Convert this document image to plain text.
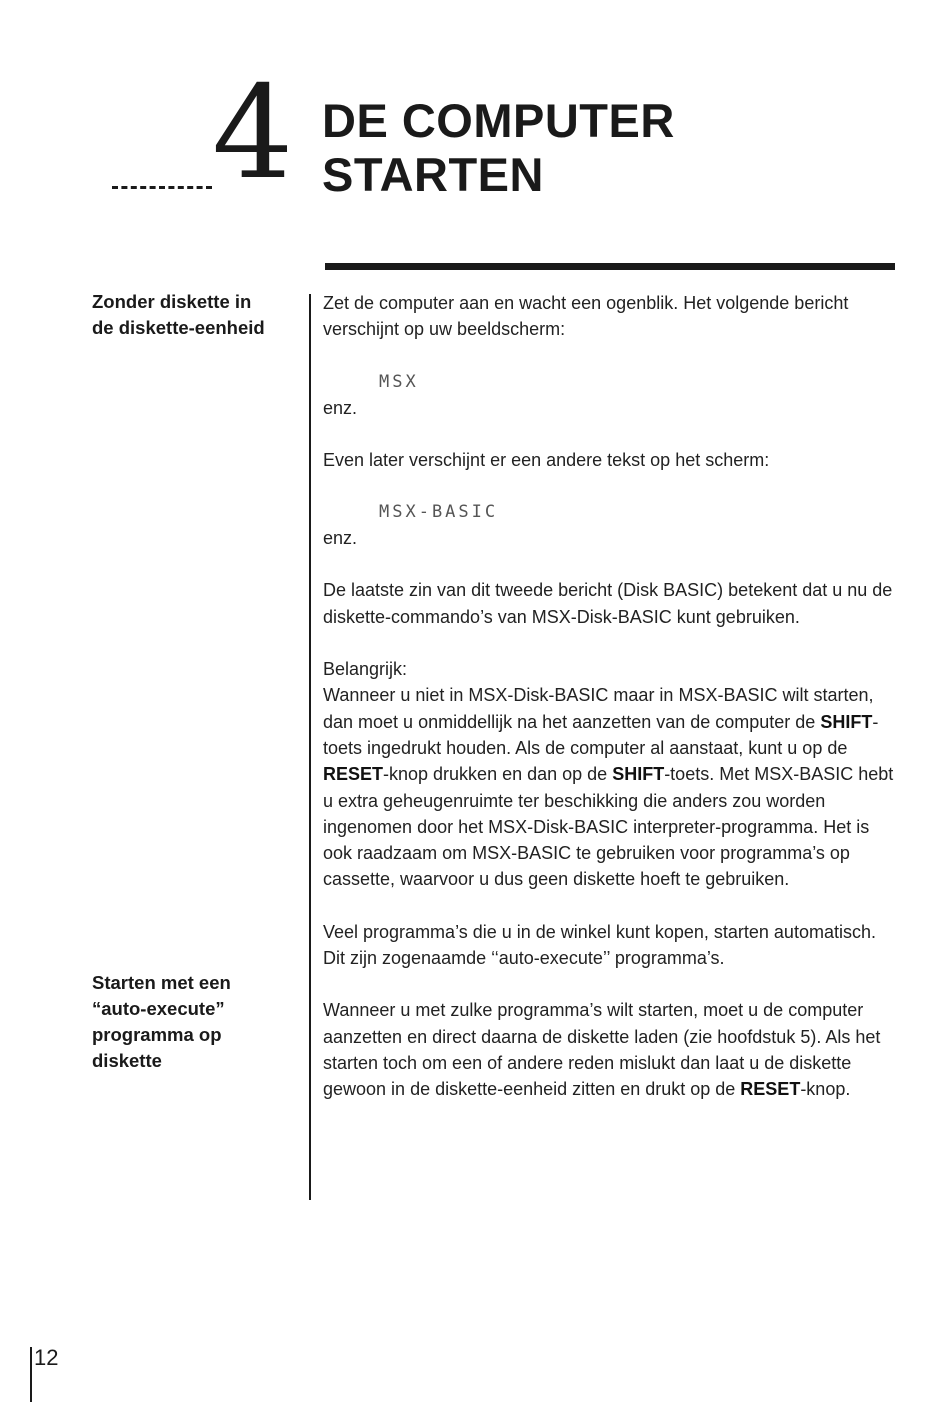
4 DE COMPUTER
STARTEN
Zonder diskette in
de diskette-eenheid
Starten met een
“auto-execute”
programma op
diskette

Zet de computer aan en wacht een ogenblik. Het volgende bericht verschijnt op uw beeldscherm:

MSX

enz.

Even later verschijnt er een andere tekst op het scherm:

MSX-BASIC

enz.

De laatste zin van dit tweede bericht (Disk BASIC) betekent dat u nu de diskette-commando’s van MSX-Disk-BASIC kunt gebruiken.

Belangrijk:
Wanneer u niet in MSX-Disk-BASIC maar in MSX-BASIC wilt starten, dan moet u onmiddellijk na het aanzetten van de computer de SHIFT-toets ingedrukt houden. Als de computer al aanstaat, kunt u op de RESET-knop drukken en dan op de SHIFT-toets. Met MSX-BASIC hebt u extra geheugenruimte ter beschikking die anders zou worden ingenomen door het MSX-Disk-BASIC interpreter-programma. Het is ook raadzaam om MSX-BASIC te gebruiken voor programma’s op cassette, waarvoor u dus geen diskette hoeft te gebruiken.

Veel programma’s die u in de winkel kunt kopen, starten automatisch. Dit zijn zogenaamde ‘‘auto-execute’’ programma’s.

Wanneer u met zulke programma’s wilt starten, moet u de computer aanzetten en direct daarna de diskette laden (zie hoofdstuk 5). Als het starten toch om een of andere reden mislukt dan laat u de diskette gewoon in de diskette-eenheid zitten en drukt op de RESET-knop.

12
